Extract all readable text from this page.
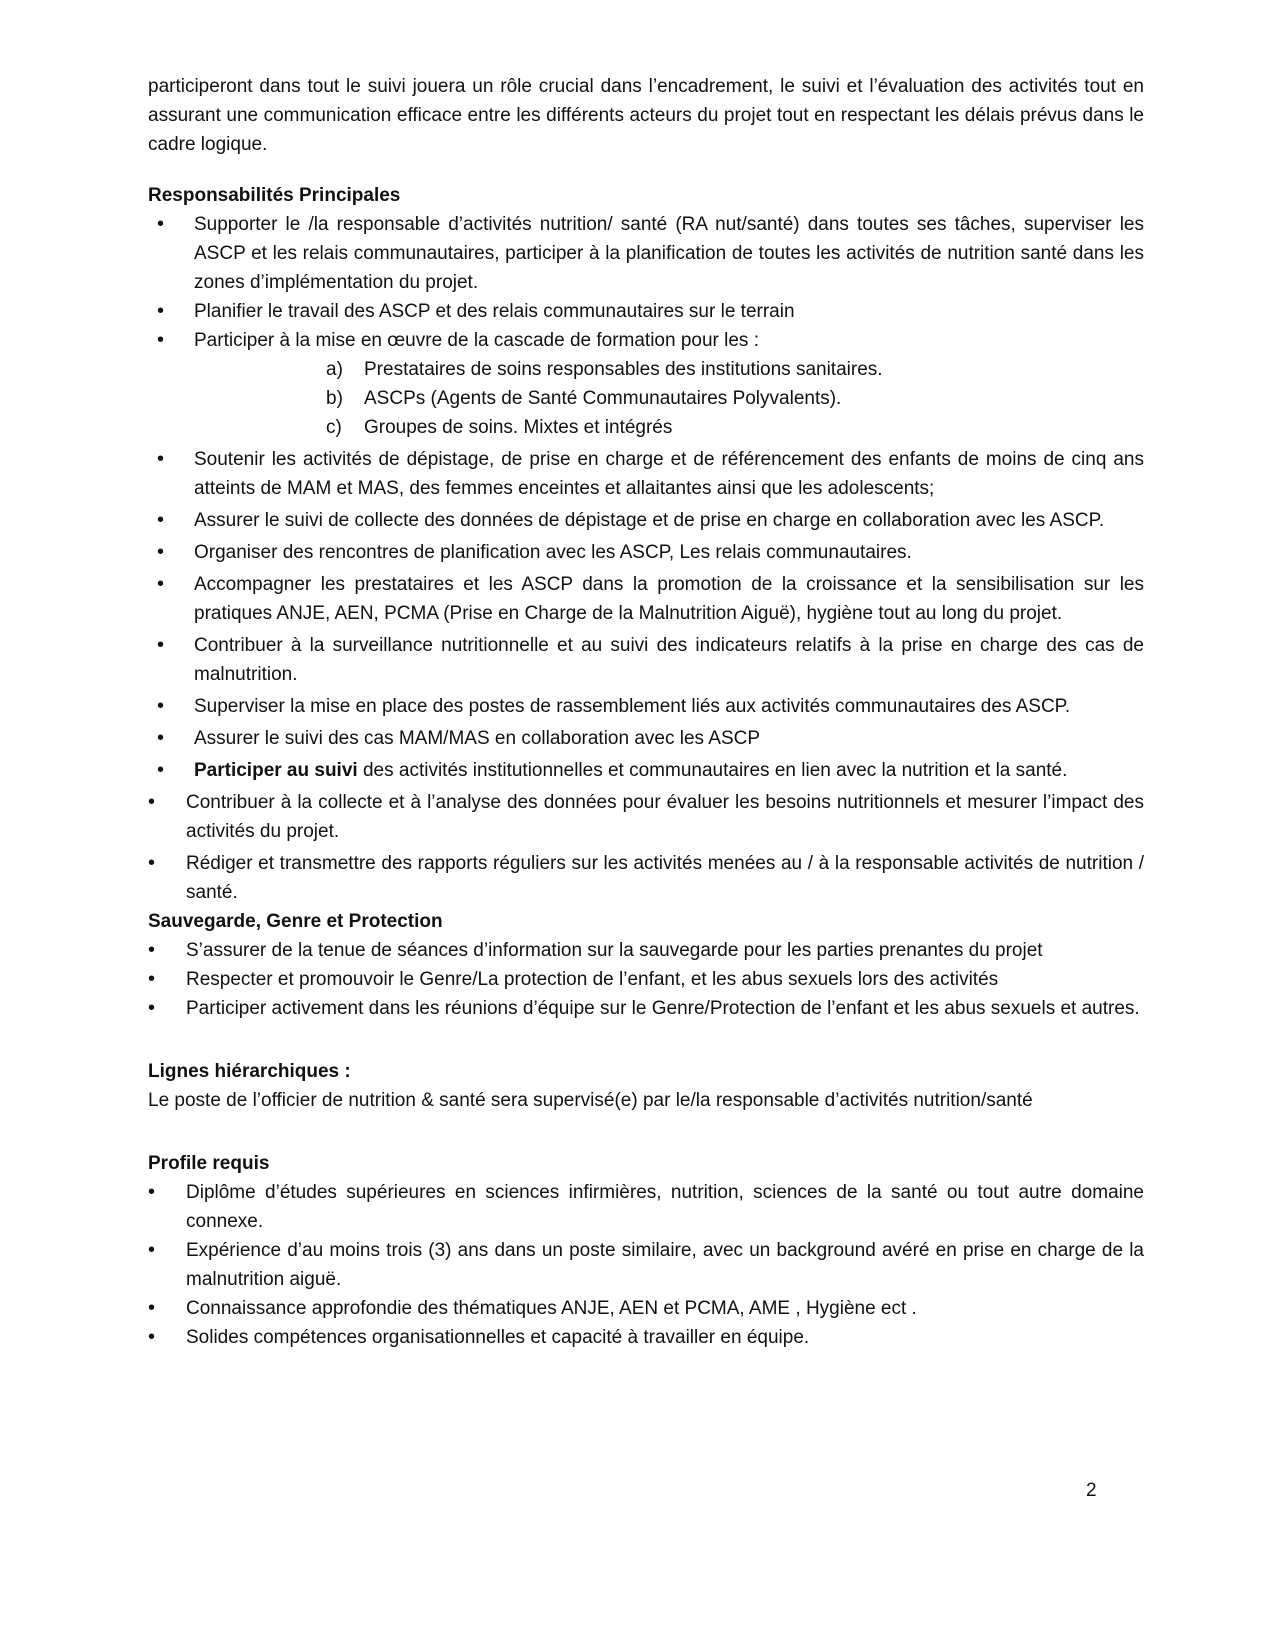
participeront dans tout le suivi jouera un rôle crucial dans l’encadrement, le suivi et l’évaluation des activités tout en assurant une communication efficace entre les différents acteurs du projet tout en respectant les délais prévus dans le cadre logique.

Responsabilités Principales

• Supporter le /la responsable d’activités nutrition/ santé (RA nut/santé) dans toutes ses tâches, superviser les ASCP et les relais communautaires, participer à la planification de toutes les activités de nutrition santé dans les zones d’implémentation du projet.
• Planifier le travail des ASCP et des relais communautaires sur le terrain
• Participer à la mise en œuvre de la cascade de formation pour les :
a) Prestataires de soins responsables des institutions sanitaires.
b) ASCPs (Agents de Santé Communautaires Polyvalents).
c) Groupes de soins. Mixtes et intégrés
• Soutenir les activités de dépistage, de prise en charge et de référencement des enfants de moins de cinq ans atteints de MAM et MAS, des femmes enceintes et allaitantes ainsi que les adolescents;
• Assurer le suivi de collecte des données de dépistage et de prise en charge en collaboration avec les ASCP.
• Organiser des rencontres de planification avec les ASCP, Les relais communautaires.
• Accompagner les prestataires et les ASCP dans la promotion de la croissance et la sensibilisation sur les pratiques ANJE, AEN, PCMA (Prise en Charge de la Malnutrition Aiguë), hygiène tout au long du projet.
• Contribuer à la surveillance nutritionnelle et au suivi des indicateurs relatifs à la prise en charge des cas de malnutrition.
• Superviser la mise en place des postes de rassemblement liés aux activités communautaires des ASCP.
• Assurer le suivi des cas MAM/MAS en collaboration avec les ASCP
• Participer au suivi des activités institutionnelles et communautaires en lien avec la nutrition et la santé.
• Contribuer à la collecte et à l’analyse des données pour évaluer les besoins nutritionnels et mesurer l’impact des activités du projet.
• Rédiger et transmettre des rapports réguliers sur les activités menées au / à la responsable activités de nutrition / santé.

Sauvegarde, Genre et Protection

• S’assurer de la tenue de séances d’information sur la sauvegarde pour les parties prenantes du projet
• Respecter et promouvoir le Genre/La protection de l’enfant, et les abus sexuels lors des activités
• Participer activement dans les réunions d’équipe sur le Genre/Protection de l’enfant et les abus sexuels et autres.

Lignes hiérarchiques :

Le poste de l’officier de nutrition & santé sera supervisé(e) par le/la responsable d’activités nutrition/santé

Profile requis

• Diplôme d’études supérieures en sciences infirmières, nutrition, sciences de la santé ou tout autre domaine connexe.
• Expérience d’au moins trois (3) ans dans un poste similaire, avec un background avéré en prise en charge de la malnutrition aiguë.
• Connaissance approfondie des thématiques ANJE, AEN et PCMA, AME , Hygiène ect .
• Solides compétences organisationnelles et capacité à travailler en équipe.
2
